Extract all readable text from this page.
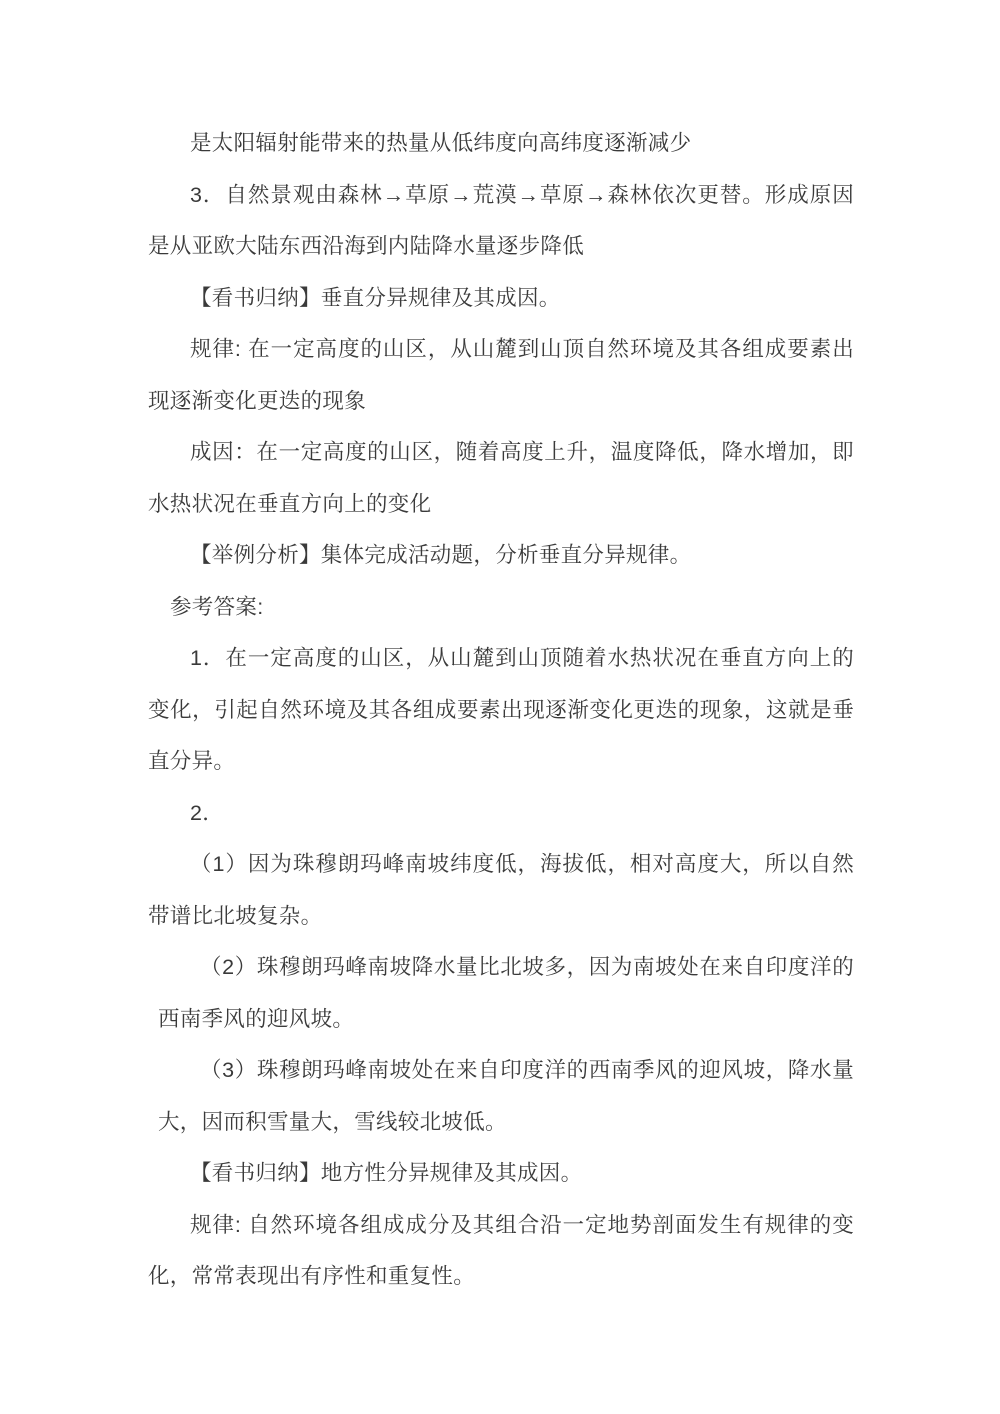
是太阳辐射能带来的热量从低纬度向高纬度逐渐减少

3．自然景观由森林→草原→荒漠→草原→森林依次更替。形成原因是从亚欧大陆东西沿海到内陆降水量逐步降低

【看书归纳】垂直分异规律及其成因。

规律: 在一定高度的山区，从山麓到山顶自然环境及其各组成要素出现逐渐变化更迭的现象

成因：在一定高度的山区，随着高度上升，温度降低，降水增加，即水热状况在垂直方向上的变化

【举例分析】集体完成活动题，分析垂直分异规律。

参考答案:

1．在一定高度的山区，从山麓到山顶随着水热状况在垂直方向上的变化，引起自然环境及其各组成要素出现逐渐变化更迭的现象，这就是垂直分异。

2．

（1）因为珠穆朗玛峰南坡纬度低，海拔低，相对高度大，所以自然带谱比北坡复杂。

（2）珠穆朗玛峰南坡降水量比北坡多，因为南坡处在来自印度洋的西南季风的迎风坡。

（3）珠穆朗玛峰南坡处在来自印度洋的西南季风的迎风坡，降水量大，因而积雪量大，雪线较北坡低。

【看书归纳】地方性分异规律及其成因。

规律: 自然环境各组成成分及其组合沿一定地势剖面发生有规律的变化，常常表现出有序性和重复性。
